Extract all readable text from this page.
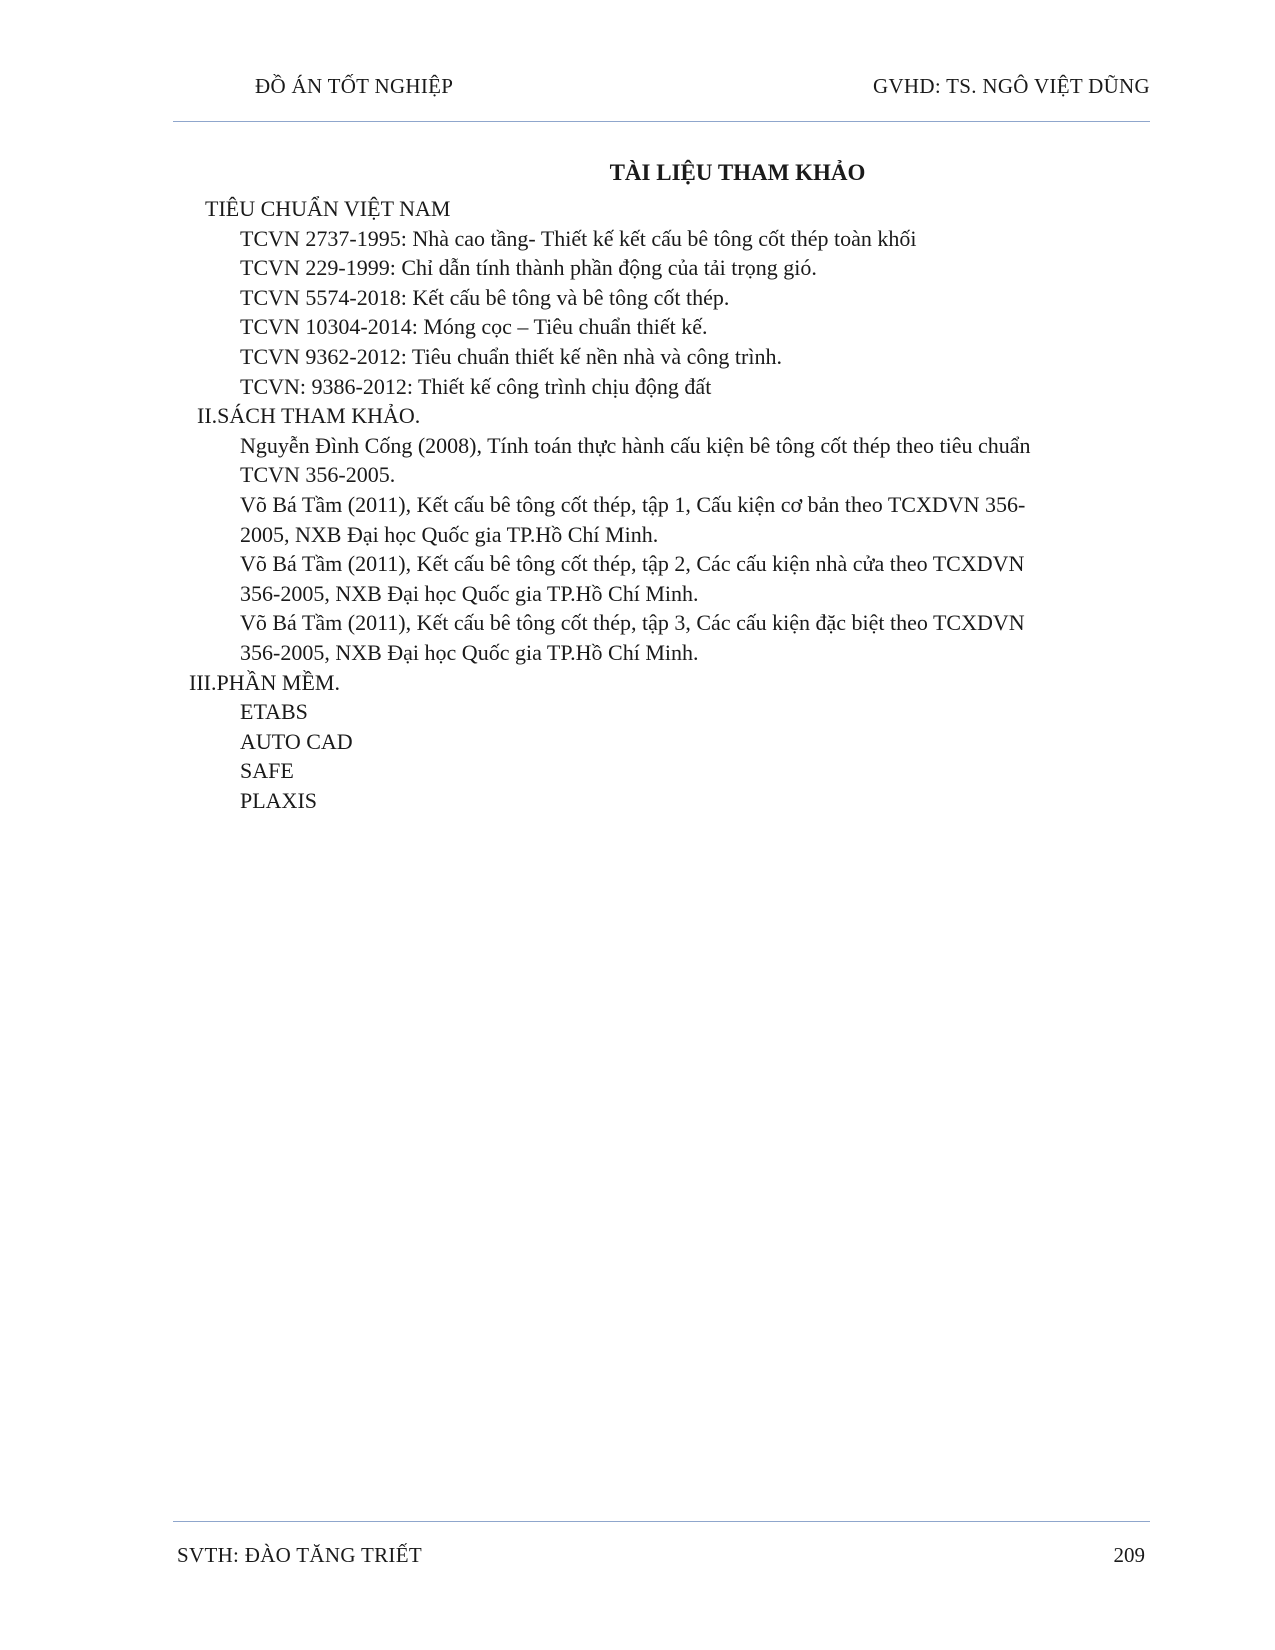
ĐỒ ÁN TỐT NGHIỆP	GVHD: TS. NGÔ VIỆT DŨNG
TÀI LIỆU THAM KHẢO
TIÊU CHUẨN VIỆT NAM
TCVN 2737-1995: Nhà cao tầng- Thiết kế kết cấu bê tông cốt thép toàn khối
TCVN 229-1999: Chỉ dẫn tính thành phần động của tải trọng gió.
TCVN 5574-2018: Kết cấu bê tông và bê tông cốt thép.
TCVN 10304-2014: Móng cọc – Tiêu chuẩn thiết kế.
TCVN 9362-2012: Tiêu chuẩn thiết kế nền nhà và công trình.
TCVN: 9386-2012: Thiết kế công trình chịu động đất
II.SÁCH THAM KHẢO.
Nguyễn Đình Cống (2008), Tính toán thực hành cấu kiện bê tông cốt thép theo tiêu chuẩn
TCVN 356-2005.
Võ Bá Tầm (2011), Kết cấu bê tông cốt thép, tập 1, Cấu kiện cơ bản theo TCXDVN 356-
2005, NXB Đại học Quốc gia TP.Hồ Chí Minh.
Võ Bá Tầm (2011), Kết cấu bê tông cốt thép, tập 2, Các cấu kiện nhà cửa theo TCXDVN
356-2005, NXB Đại học Quốc gia TP.Hồ Chí Minh.
Võ Bá Tầm (2011), Kết cấu bê tông cốt thép, tập 3, Các cấu kiện đặc biệt theo TCXDVN
356-2005, NXB Đại học Quốc gia TP.Hồ Chí Minh.
III.PHẦN MỀM.
ETABS
AUTO CAD
SAFE
PLAXIS
SVTH: ĐÀO TĂNG TRIẾT	209
